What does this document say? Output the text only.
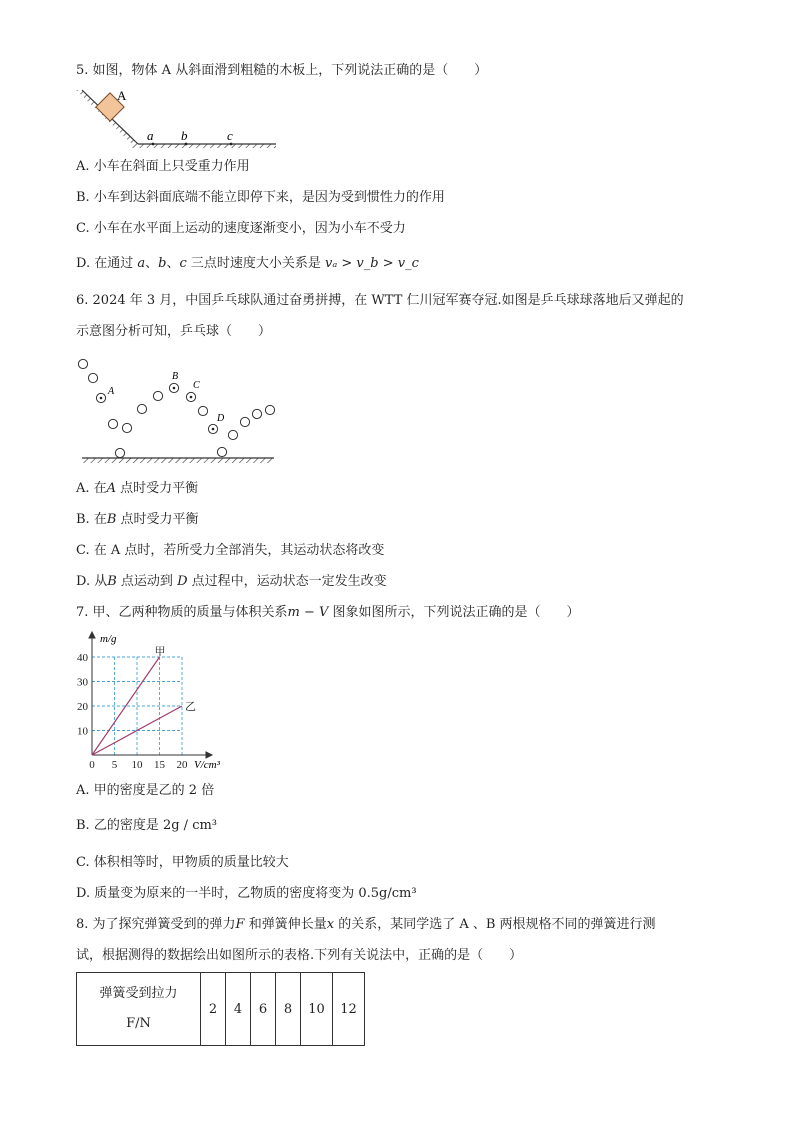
5. 如图，物体 A 从斜面滑到粗糙的木板上，下列说法正确的是（　　）
A
a b	c
A. 小车在斜面上只受重力作用
B. 小车到达斜面底端不能立即停下来，是因为受到惯性力的作用
C. 小车在水平面上运动的速度逐渐变小，因为小车不受力
D. 在通过 a、b、c 三点时速度大小关系是 vₐ > v_b > v_c
6. 2024 年 3 月，中国乒乓球队通过奋勇拼搏，在 WTT 仁川冠军赛夺冠.如图是乒乓球球落地后又弹起的
示意图分析可知，乒乓球（　　）
A
B
C
D
A. 在A 点时受力平衡
B. 在B 点时受力平衡
C. 在 A 点时，若所受力全部消失，其运动状态将改变
D. 从B 点运动到 D 点过程中，运动状态一定发生改变
7. 甲、乙两种物质的质量与体积关系m − V 图象如图所示，下列说法正确的是（　　）
0 5 10 15 20
10
20
30
40	甲
乙
m/g
V/cm³
A. 甲的密度是乙的 2 倍
B. 乙的密度是 2g / cm³
C. 体积相等时，甲物质的质量比较大
D. 质量变为原来的一半时，乙物质的密度将变为 0.5g/cm³
8. 为了探究弹簧受到的弹力F 和弹簧伸长量x 的关系，某同学选了 A 、B 两根规格不同的弹簧进行测
试，根据测得的数据绘出如图所示的表格.下列有关说法中，正确的是（　　）
弹簧受到拉力
F/N
	2	4	6	8	10	12
